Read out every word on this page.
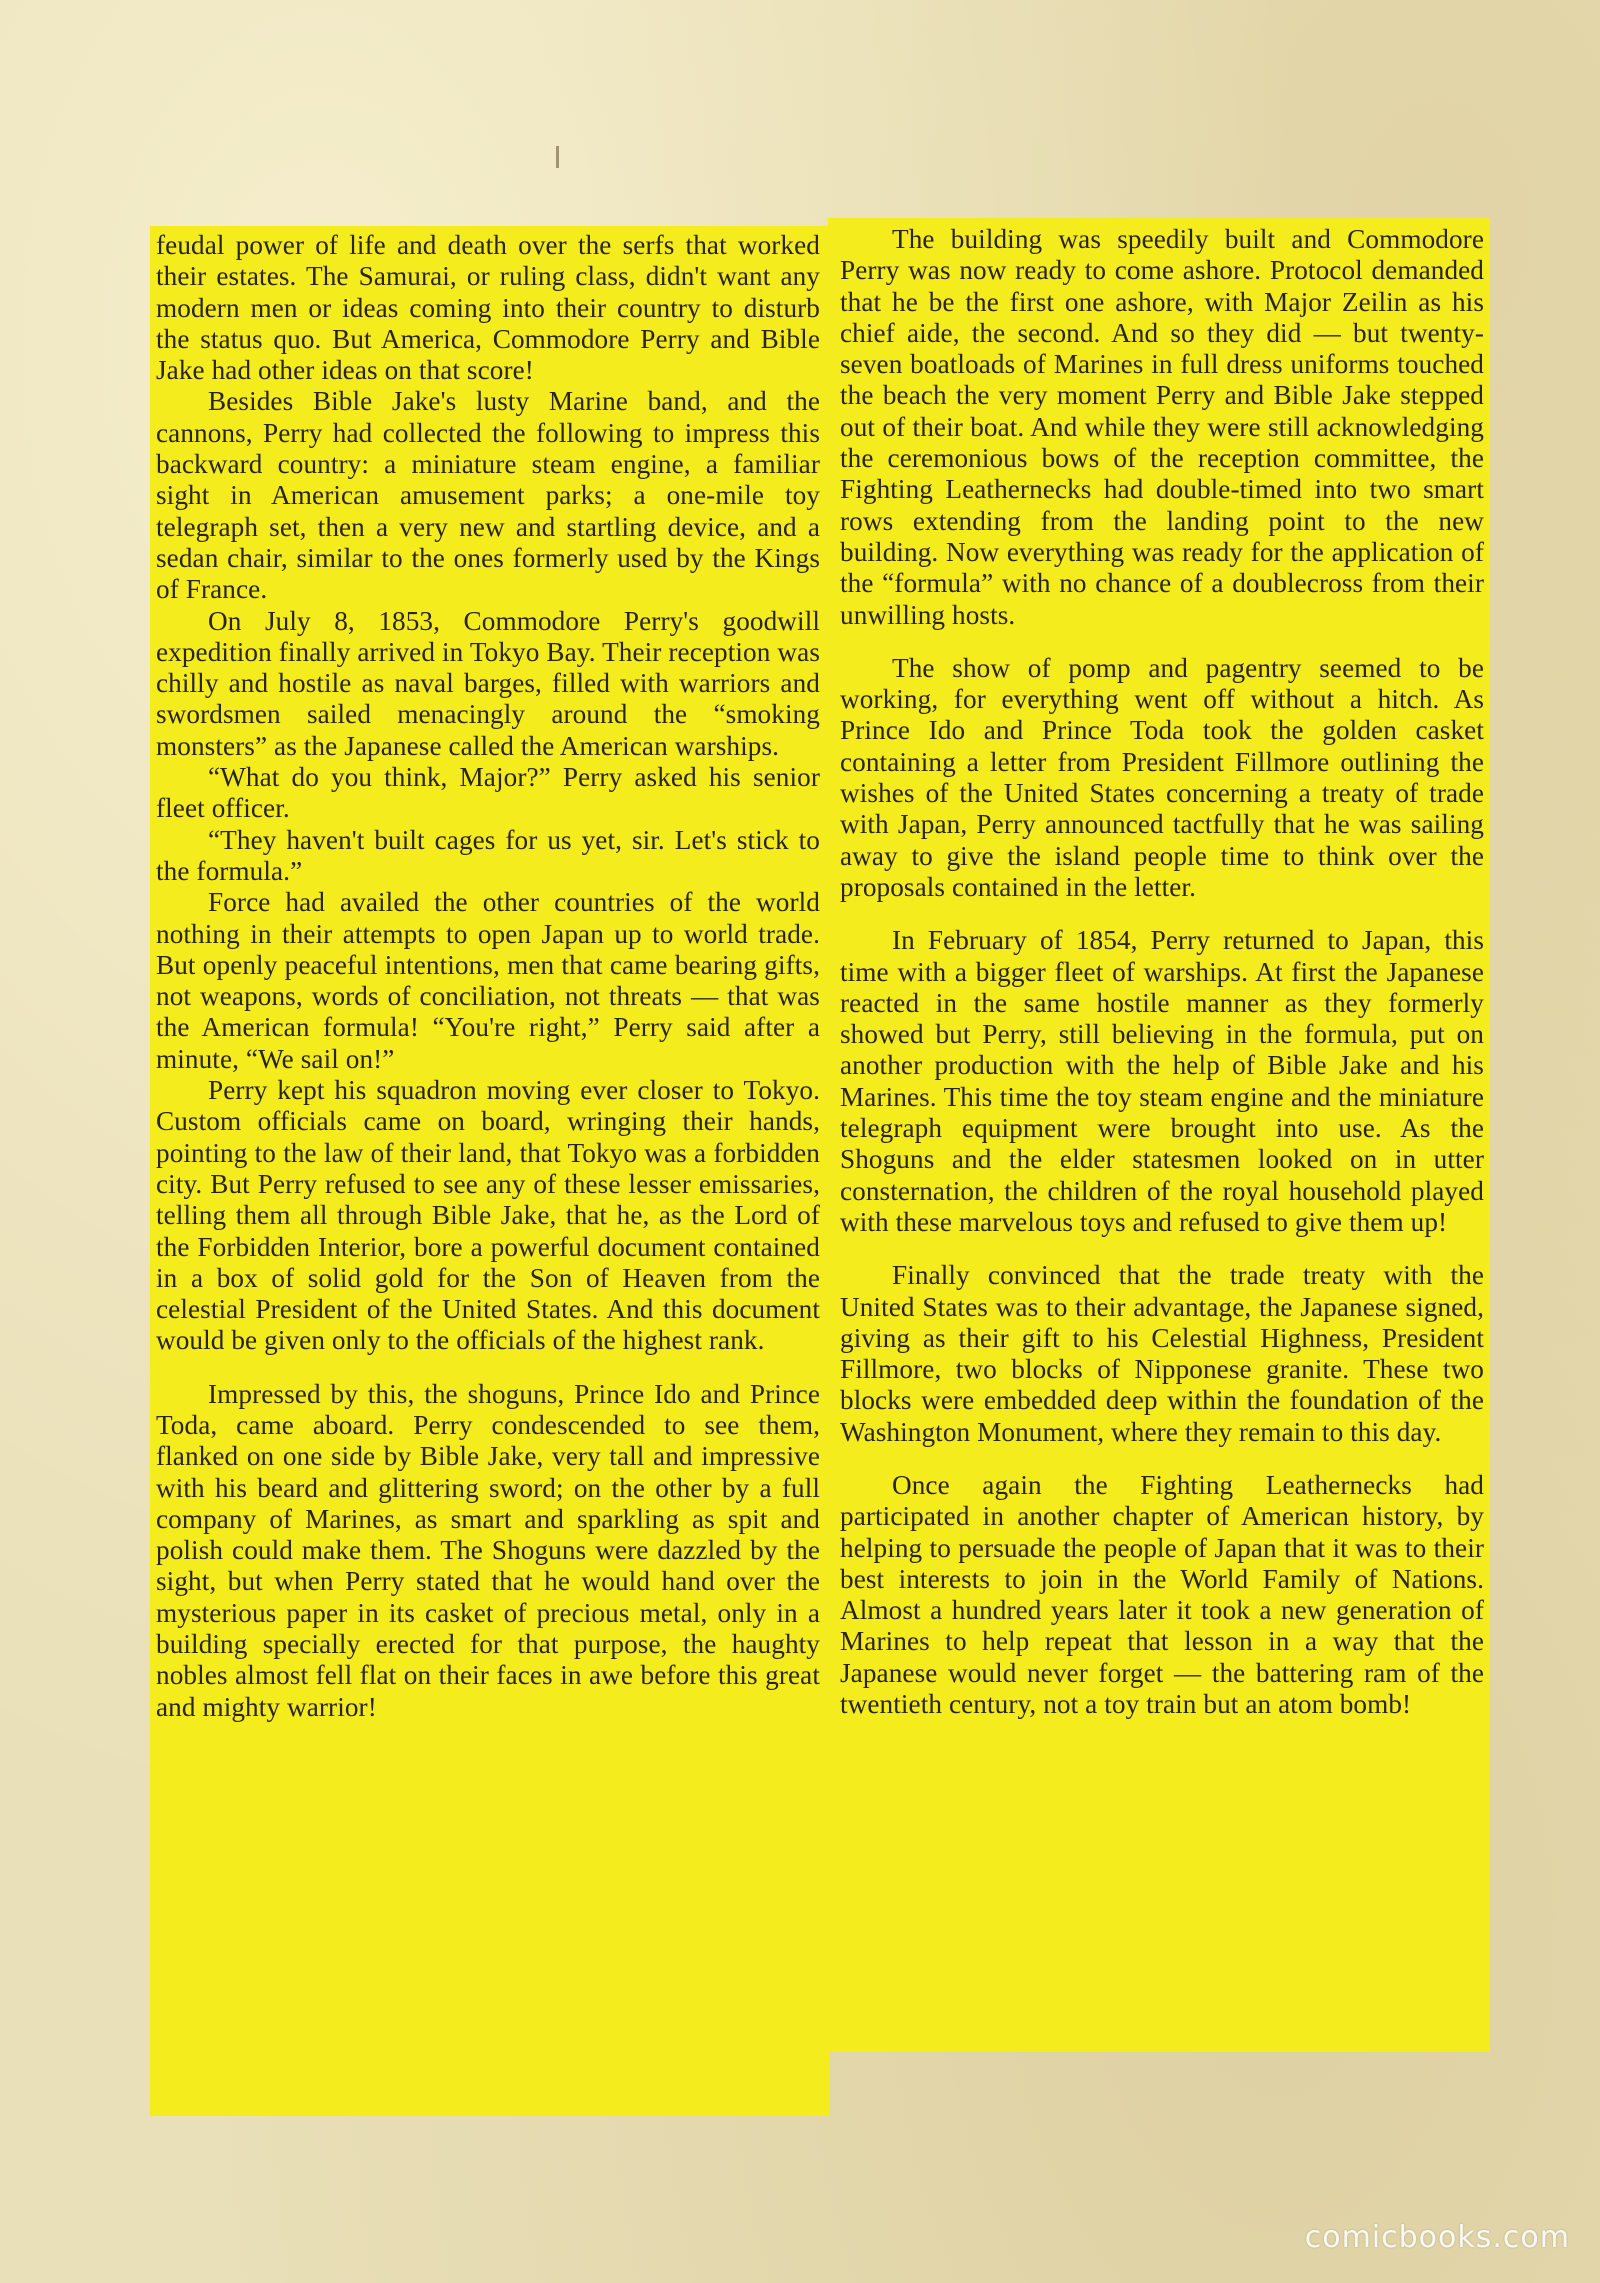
feudal power of life and death over the serfs that worked their estates. The Samurai, or ruling class, didn't want any modern men or ideas coming into their country to disturb the status quo. But America, Commodore Perry and Bible Jake had other ideas on that score!

Besides Bible Jake's lusty Marine band, and the cannons, Perry had collected the following to impress this backward country: a miniature steam engine, a familiar sight in American amusement parks; a one-mile toy telegraph set, then a very new and startling device, and a sedan chair, similar to the ones formerly used by the Kings of France.

On July 8, 1853, Commodore Perry's goodwill expedition finally arrived in Tokyo Bay. Their reception was chilly and hostile as naval barges, filled with warriors and swordsmen sailed menacingly around the “smoking monsters” as the Japanese called the American warships.

“What do you think, Major?” Perry asked his senior fleet officer.

“They haven't built cages for us yet, sir. Let's stick to the formula.”

Force had availed the other countries of the world nothing in their attempts to open Japan up to world trade. But openly peaceful intentions, men that came bearing gifts, not weapons, words of conciliation, not threats — that was the American formula! “You're right,” Perry said after a minute, “We sail on!”

Perry kept his squadron moving ever closer to Tokyo. Custom officials came on board, wringing their hands, pointing to the law of their land, that Tokyo was a forbidden city. But Perry refused to see any of these lesser emissaries, telling them all through Bible Jake, that he, as the Lord of the Forbidden Interior, bore a powerful document contained in a box of solid gold for the Son of Heaven from the celestial President of the United States. And this document would be given only to the officials of the highest rank.

Impressed by this, the shoguns, Prince Ido and Prince Toda, came aboard. Perry condescended to see them, flanked on one side by Bible Jake, very tall and impressive with his beard and glittering sword; on the other by a full company of Marines, as smart and sparkling as spit and polish could make them. The Shoguns were dazzled by the sight, but when Perry stated that he would hand over the mysterious paper in its casket of precious metal, only in a building specially erected for that purpose, the haughty nobles almost fell flat on their faces in awe before this great and mighty warrior!

The building was speedily built and Commodore Perry was now ready to come ashore. Protocol demanded that he be the first one ashore, with Major Zeilin as his chief aide, the second. And so they did — but twenty-seven boatloads of Marines in full dress uniforms touched the beach the very moment Perry and Bible Jake stepped out of their boat. And while they were still acknowledging the ceremonious bows of the reception committee, the Fighting Leathernecks had double-timed into two smart rows extending from the landing point to the new building. Now everything was ready for the application of the “formula” with no chance of a doublecross from their unwilling hosts.

The show of pomp and pagentry seemed to be working, for everything went off without a hitch. As Prince Ido and Prince Toda took the golden casket containing a letter from President Fillmore outlining the wishes of the United States concerning a treaty of trade with Japan, Perry announced tactfully that he was sailing away to give the island people time to think over the proposals contained in the letter.

In February of 1854, Perry returned to Japan, this time with a bigger fleet of warships. At first the Japanese reacted in the same hostile manner as they formerly showed but Perry, still believing in the formula, put on another production with the help of Bible Jake and his Marines. This time the toy steam engine and the miniature telegraph equipment were brought into use. As the Shoguns and the elder statesmen looked on in utter consternation, the children of the royal household played with these marvelous toys and refused to give them up!

Finally convinced that the trade treaty with the United States was to their advantage, the Japanese signed, giving as their gift to his Celestial Highness, President Fillmore, two blocks of Nipponese granite. These two blocks were embedded deep within the foundation of the Washington Monument, where they remain to this day.

Once again the Fighting Leathernecks had participated in another chapter of American history, by helping to persuade the people of Japan that it was to their best interests to join in the World Family of Nations. Almost a hundred years later it took a new generation of Marines to help repeat that lesson in a way that the Japanese would never forget — the battering ram of the twentieth century, not a toy train but an atom bomb!

comicbooks.com
